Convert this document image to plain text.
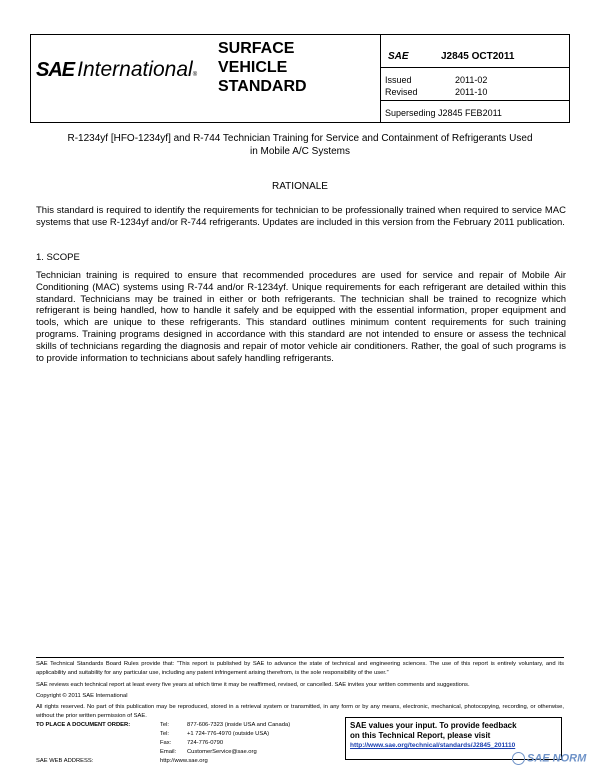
SAE International ®
SURFACE
VEHICLE
STANDARD
SAE	J2845 OCT2011
Issued	2011-02
Revised	2011-10
Superseding J2845 FEB2011
R-1234yf [HFO-1234yf] and R-744 Technician Training for Service and Containment of Refrigerants Used
in Mobile A/C Systems
RATIONALE
This standard is required to identify the requirements for technician to be professionally trained when required to service MAC systems that use R-1234yf and/or R-744 refrigerants. Updates are included in this version from the February 2011 publication.
1. SCOPE
Technician training is required to ensure that recommended procedures are used for service and repair of Mobile Air Conditioning (MAC) systems using R-744 and/or R-1234yf. Unique requirements for each refrigerant are detailed within this standard. Technicians may be trained in either or both refrigerants. The technician shall be trained to recognize which refrigerant is being handled, how to handle it safely and be equipped with the essential information, proper equipment and tools, which are unique to these refrigerants. This standard outlines minimum content requirements for such training programs. Training programs designed in accordance with this standard are not intended to ensure or assess the technical skills of technicians regarding the diagnosis and repair of motor vehicle air conditioners. Rather, the goal of such programs is to provide information to technicians about safely handling refrigerants.
SAE Technical Standards Board Rules provide that: “This report is published by SAE to advance the state of technical and engineering sciences. The use of this report is entirely voluntary, and its applicability and suitability for any particular use, including any patent infringement arising therefrom, is the sole responsibility of the user.”
SAE reviews each technical report at least every five years at which time it may be reaffirmed, revised, or cancelled. SAE invites your written comments and suggestions.
Copyright © 2011 SAE International
All rights reserved. No part of this publication may be reproduced, stored in a retrieval system or transmitted, in any form or by any means, electronic, mechanical, photocopying, recording, or otherwise, without the prior written permission of SAE.
TO PLACE A DOCUMENT ORDER:	Tel:	877-606-7323 (inside USA and Canada)
Tel:	+1 724-776-4970 (outside USA)
Fax:	724-776-0790
Email: CustomerService@sae.org
SAE WEB ADDRESS:	http://www.sae.org
SAE values your input. To provide feedback
on this Technical Report, please visit
http://www.sae.org/technical/standards/J2845_201110
SAE NORM
